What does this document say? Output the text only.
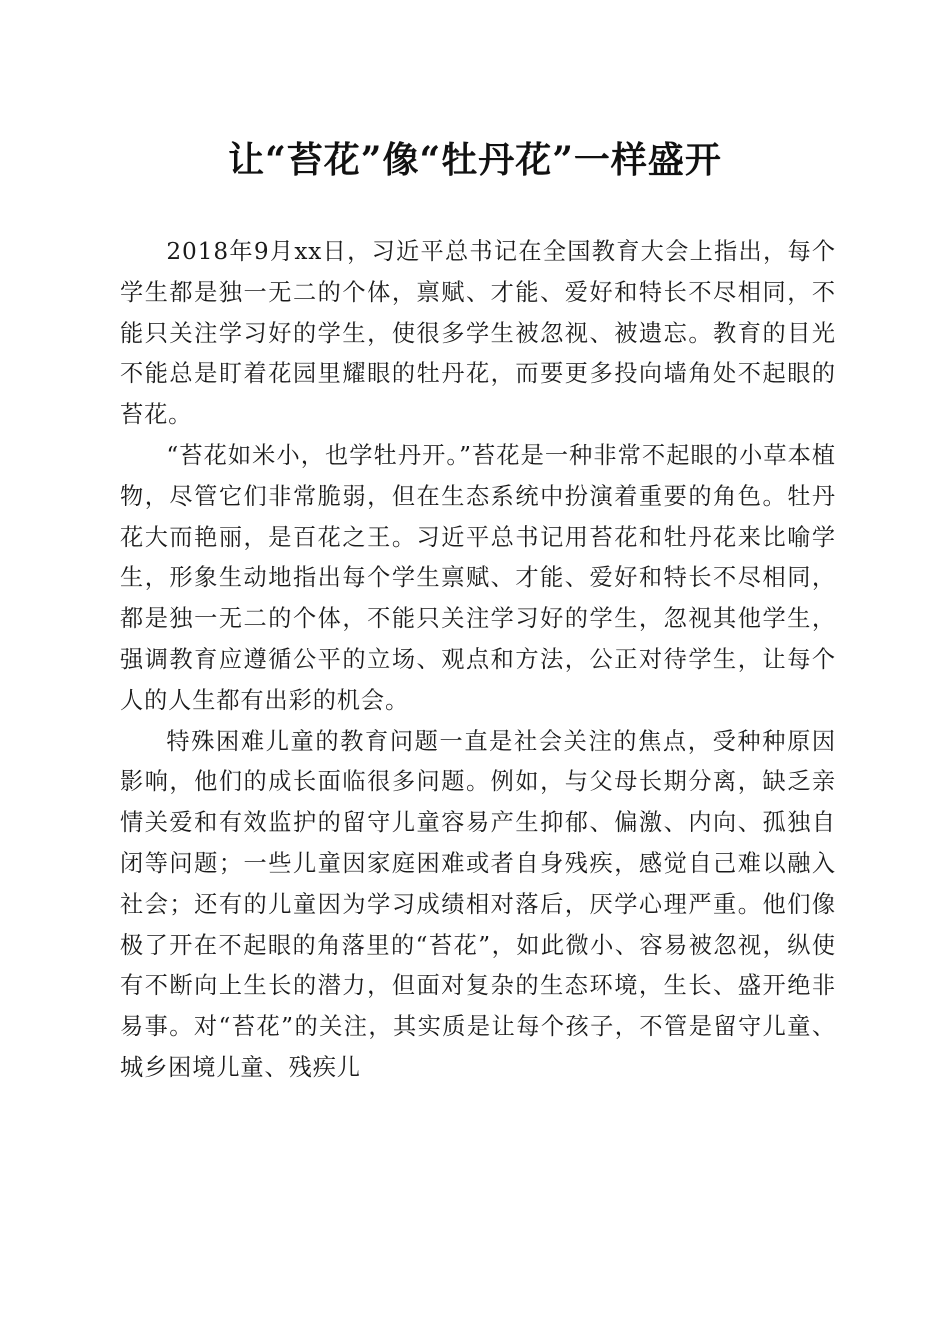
让“苔花”像“牡丹花”一样盛开

2018年9月xx日，习近平总书记在全国教育大会上指出，每个学生都是独一无二的个体，禀赋、才能、爱好和特长不尽相同，不能只关注学习好的学生，使很多学生被忽视、被遗忘。教育的目光不能总是盯着花园里耀眼的牡丹花，而要更多投向墙角处不起眼的苔花。

“苔花如米小，也学牡丹开。”苔花是一种非常不起眼的小草本植物，尽管它们非常脆弱，但在生态系统中扮演着重要的角色。牡丹花大而艳丽，是百花之王。习近平总书记用苔花和牡丹花来比喻学生，形象生动地指出每个学生禀赋、才能、爱好和特长不尽相同，都是独一无二的个体，不能只关注学习好的学生，忽视其他学生，强调教育应遵循公平的立场、观点和方法，公正对待学生，让每个人的人生都有出彩的机会。

特殊困难儿童的教育问题一直是社会关注的焦点，受种种原因影响，他们的成长面临很多问题。例如，与父母长期分离，缺乏亲情关爱和有效监护的留守儿童容易产生抑郁、偏激、内向、孤独自闭等问题；一些儿童因家庭困难或者自身残疾，感觉自己难以融入社会；还有的儿童因为学习成绩相对落后，厌学心理严重。他们像极了开在不起眼的角落里的“苔花”，如此微小、容易被忽视，纵使有不断向上生长的潜力，但面对复杂的生态环境，生长、盛开绝非易事。对“苔花”的关注，其实质是让每个孩子，不管是留守儿童、城乡困境儿童、残疾儿
